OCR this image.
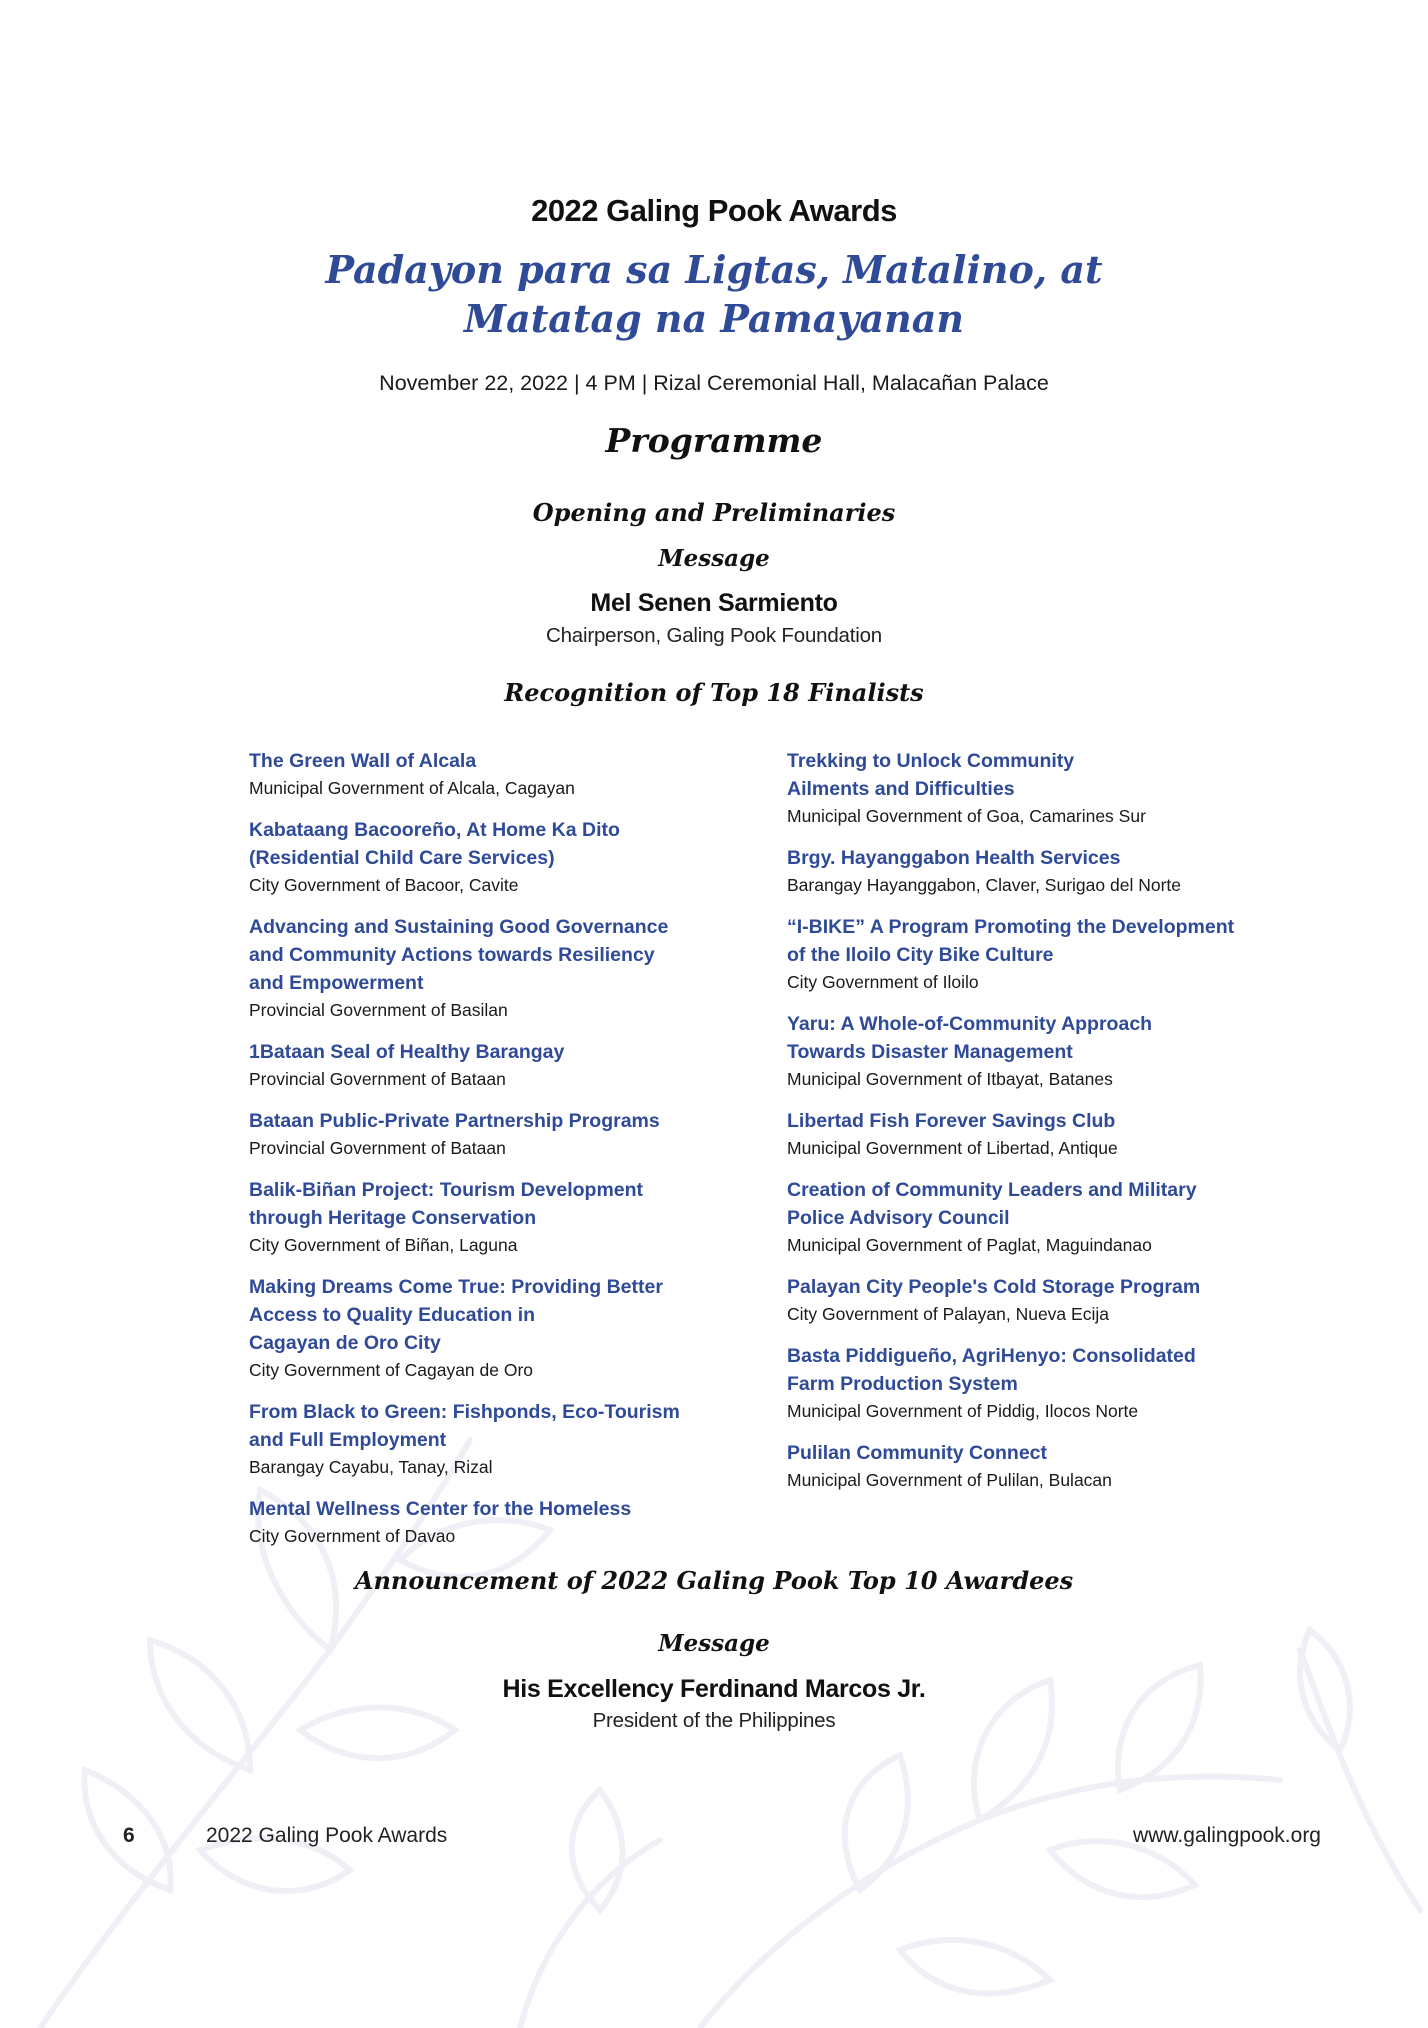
2022 Galing Pook Awards
Padayon para sa Ligtas, Matalino, at
Matatag na Pamayanan
November 22, 2022 | 4 PM | Rizal Ceremonial Hall, Malacañan Palace
Programme
Opening and Preliminaries
Message
Mel Senen Sarmiento
Chairperson, Galing Pook Foundation
Recognition of Top 18 Finalists
The Green Wall of Alcala
Municipal Government of Alcala, Cagayan
Kabataang Bacooreño, At Home Ka Dito
(Residential Child Care Services)
City Government of Bacoor, Cavite
Advancing and Sustaining Good Governance
and Community Actions towards Resiliency
and Empowerment
Provincial Government of Basilan
1Bataan Seal of Healthy Barangay
Provincial Government of Bataan
Bataan Public-Private Partnership Programs
Provincial Government of Bataan
Balik-Biñan Project: Tourism Development
through Heritage Conservation
City Government of Biñan, Laguna
Making Dreams Come True: Providing Better
Access to Quality Education in
Cagayan de Oro City
City Government of Cagayan de Oro
From Black to Green: Fishponds, Eco-Tourism
and Full Employment
Barangay Cayabu, Tanay, Rizal
Mental Wellness Center for the Homeless
City Government of Davao
Trekking to Unlock Community
Ailments and Difficulties
Municipal Government of Goa, Camarines Sur
Brgy. Hayanggabon Health Services
Barangay Hayanggabon, Claver, Surigao del Norte
“I-BIKE” A Program Promoting the Development
of the Iloilo City Bike Culture
City Government of Iloilo
Yaru: A Whole-of-Community Approach
Towards Disaster Management
Municipal Government of Itbayat, Batanes
Libertad Fish Forever Savings Club
Municipal Government of Libertad, Antique
Creation of Community Leaders and Military
Police Advisory Council
Municipal Government of Paglat, Maguindanao
Palayan City People's Cold Storage Program
City Government of Palayan, Nueva Ecija
Basta Piddigueño, AgriHenyo: Consolidated
Farm Production System
Municipal Government of Piddig, Ilocos Norte
Pulilan Community Connect
Municipal Government of Pulilan, Bulacan
Announcement of 2022 Galing Pook Top 10 Awardees
Message
His Excellency Ferdinand Marcos Jr.
President of the Philippines
6	2022 Galing Pook Awards	www.galingpook.org
